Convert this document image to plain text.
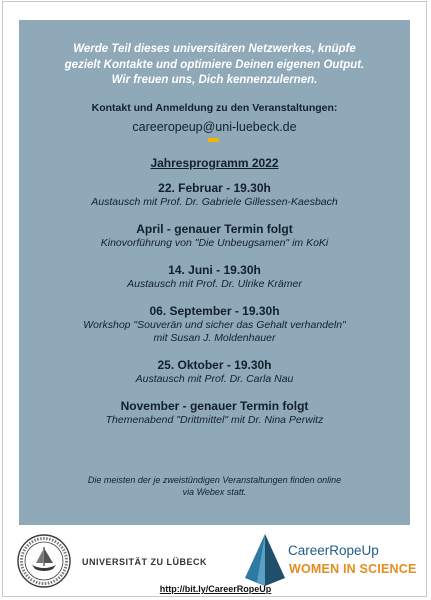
Werde Teil dieses universitären Netzwerkes, knüpfe
gezielt Kontakte und optimiere Deinen eigenen Output.
Wir freuen uns, Dich kennenzulernen.
Kontakt und Anmeldung zu den Veranstaltungen:
careeropeup@uni-luebeck.de
Jahresprogramm 2022
22. Februar - 19.30h
Austausch mit Prof. Dr. Gabriele Gillessen-Kaesbach
April - genauer Termin folgt
Kinovorführung von "Die Unbeugsamen" im KoKi
14. Juni - 19.30h
Austausch mit Prof. Dr. Ulrike Krämer
06. September - 19.30h
Workshop "Souverän und sicher das Gehalt verhandeln"
mit Susan J. Moldenhauer
25. Oktober - 19.30h
Austausch mit Prof. Dr. Carla Nau
November - genauer Termin folgt
Themenabend "Drittmittel" mit Dr. Nina Perwitz
Die meisten der je zweistündigen Veranstaltungen finden online
via Webex statt.
UNIVERSITÄT ZU LÜBECK
CareerRopeUp
WOMEN IN SCIENCE
http://bit.ly/CareerRopeUp
